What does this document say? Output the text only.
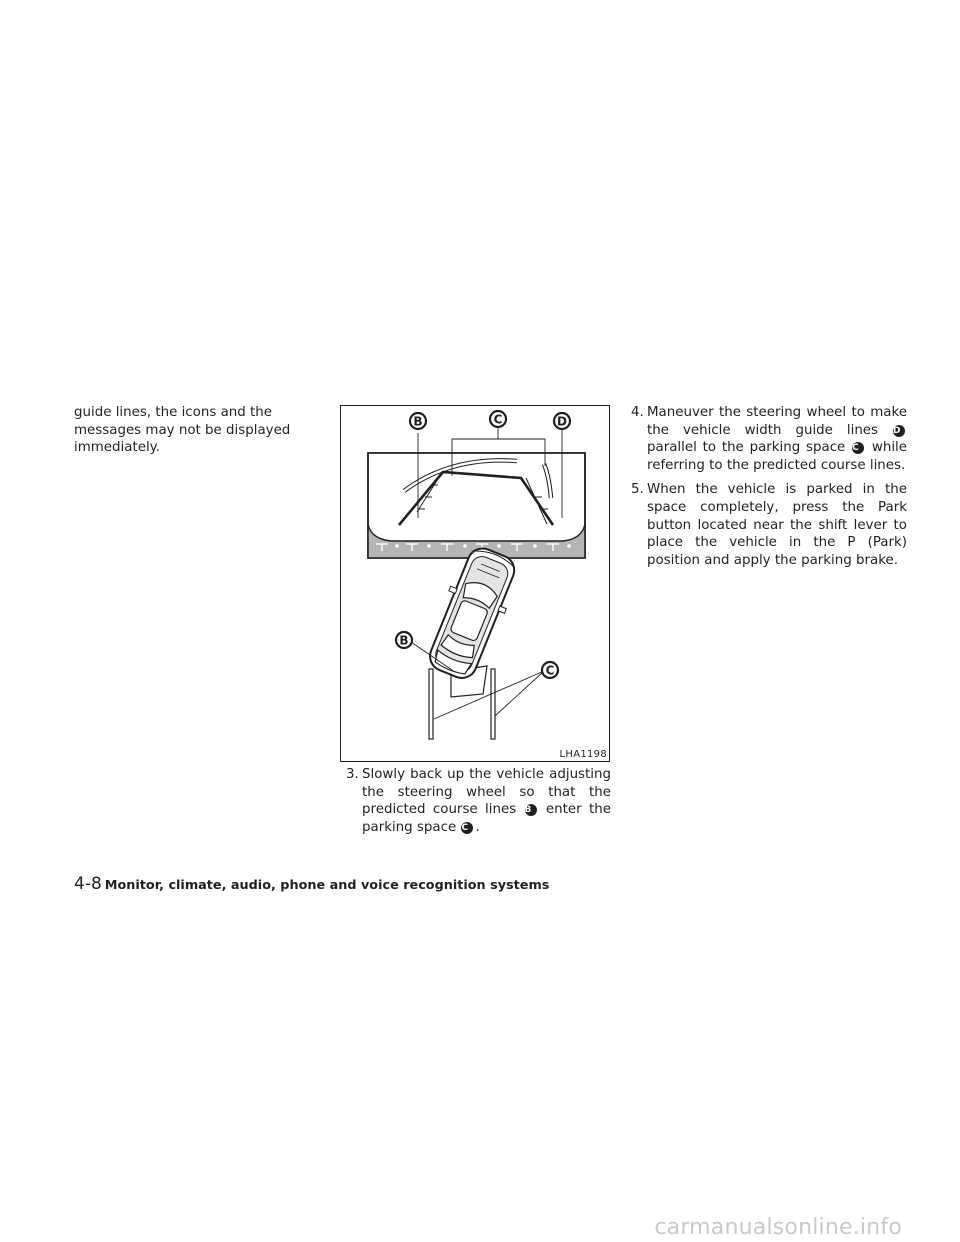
guide lines, the icons and the messages may not be displayed immediately.
B	C	D
B
C
LHA1198
3. Slowly back up the vehicle adjusting the steering wheel so that the predicted course lines B enter the parking space C .
4. Maneuver the steering wheel to make the vehicle width guide lines D parallel to the parking space C while referring to the predicted course lines.
5. When the vehicle is parked in the space completely, press the Park button located near the shift lever to place the vehicle in the P (Park) position and apply the parking brake.
4-8 Monitor, climate, audio, phone and voice recognition systems
carmanualsonline.info
